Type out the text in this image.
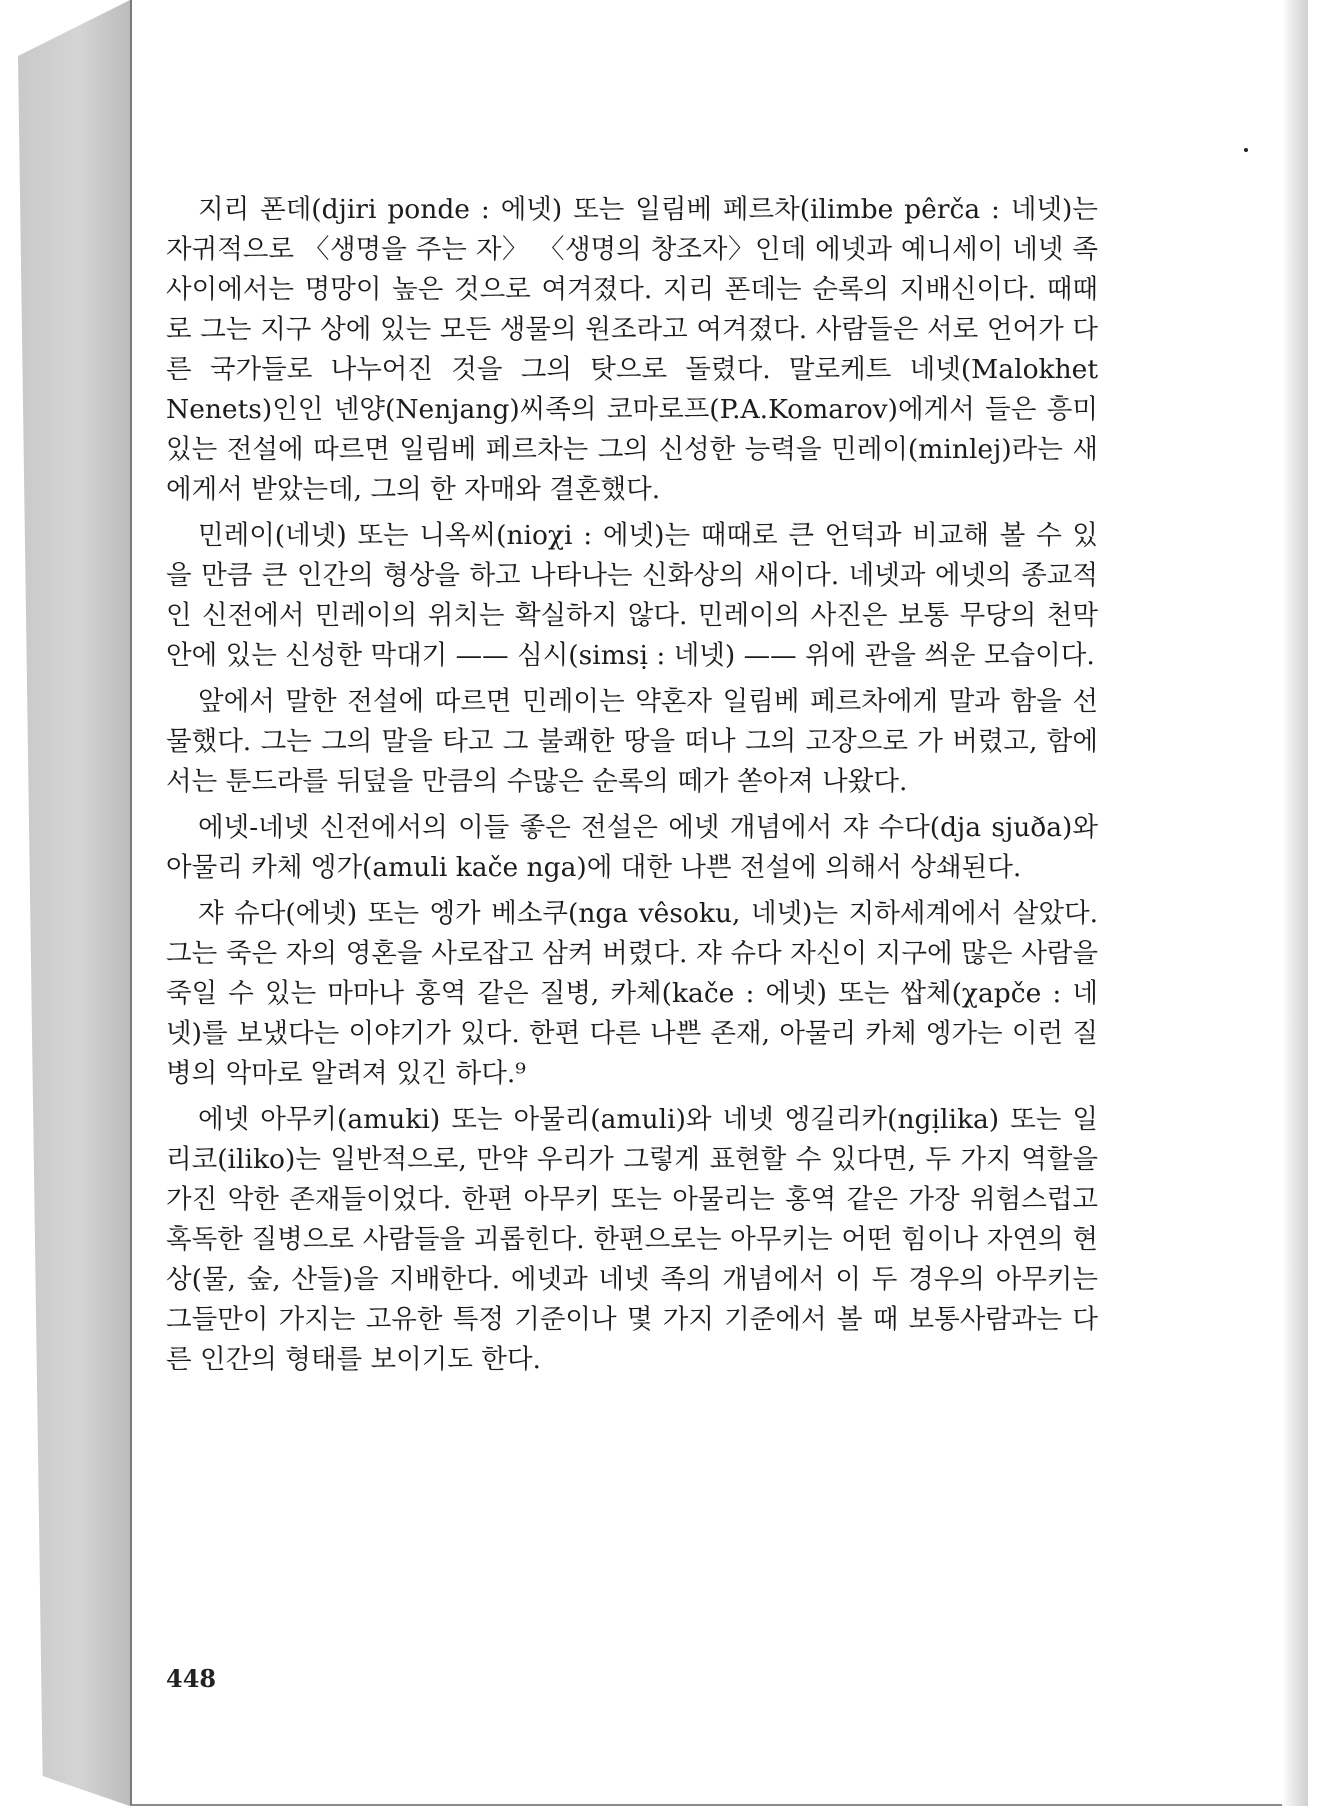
지리 폰데(djiri ponde : 에넷) 또는 일림베 페르차(ilimbe pêrča : 네넷)는 자귀적으로 〈생명을 주는 자〉 〈생명의 창조자〉인데 에넷과 예니세이 네넷 족 사이에서는 명망이 높은 것으로 여겨졌다. 지리 폰데는 순록의 지배신이다. 때때로 그는 지구 상에 있는 모든 생물의 원조라고 여겨졌다. 사람들은 서로 언어가 다른 국가들로 나누어진 것을 그의 탓으로 돌렸다. 말로케트 네넷(Malokhet Nenets)인인 넨양(Nenjang)씨족의 코마로프(P.A.Komarov)에게서 들은 흥미있는 전설에 따르면 일림베 페르차는 그의 신성한 능력을 민레이(minlej)라는 새에게서 받았는데, 그의 한 자매와 결혼했다.

민레이(네넷) 또는 니옥씨(nioχi : 에넷)는 때때로 큰 언덕과 비교해 볼 수 있을 만큼 큰 인간의 형상을 하고 나타나는 신화상의 새이다. 네넷과 에넷의 종교적인 신전에서 민레이의 위치는 확실하지 않다. 민레이의 사진은 보통 무당의 천막 안에 있는 신성한 막대기 —— 심시(simsị : 네넷) —— 위에 관을 씌운 모습이다.

앞에서 말한 전설에 따르면 민레이는 약혼자 일림베 페르차에게 말과 함을 선물했다. 그는 그의 말을 타고 그 불쾌한 땅을 떠나 그의 고장으로 가 버렸고, 함에서는 툰드라를 뒤덮을 만큼의 수많은 순록의 떼가 쏟아져 나왔다.

에넷-네넷 신전에서의 이들 좋은 전설은 에넷 개념에서 쟈 수다(dja sjuða)와 아물리 카체 엥가(amuli kače nga)에 대한 나쁜 전설에 의해서 상쇄된다.

쟈 슈다(에넷) 또는 엥가 베소쿠(nga vêsoku, 네넷)는 지하세계에서 살았다. 그는 죽은 자의 영혼을 사로잡고 삼켜 버렸다. 쟈 슈다 자신이 지구에 많은 사람을 죽일 수 있는 마마나 홍역 같은 질병, 카체(kače : 에넷) 또는 쌉체(χapče : 네넷)를 보냈다는 이야기가 있다. 한편 다른 나쁜 존재, 아물리 카체 엥가는 이런 질병의 악마로 알려져 있긴 하다.⁹

에넷 아무키(amuki) 또는 아물리(amuli)와 네넷 엥길리카(ngịlika) 또는 일리코(iliko)는 일반적으로, 만약 우리가 그렇게 표현할 수 있다면, 두 가지 역할을 가진 악한 존재들이었다. 한편 아무키 또는 아물리는 홍역 같은 가장 위험스럽고 혹독한 질병으로 사람들을 괴롭힌다. 한편으로는 아무키는 어떤 힘이나 자연의 현상(물, 숲, 산들)을 지배한다. 에넷과 네넷 족의 개념에서 이 두 경우의 아무키는 그들만이 가지는 고유한 특정 기준이나 몇 가지 기준에서 볼 때 보통사람과는 다른 인간의 형태를 보이기도 한다.

448
